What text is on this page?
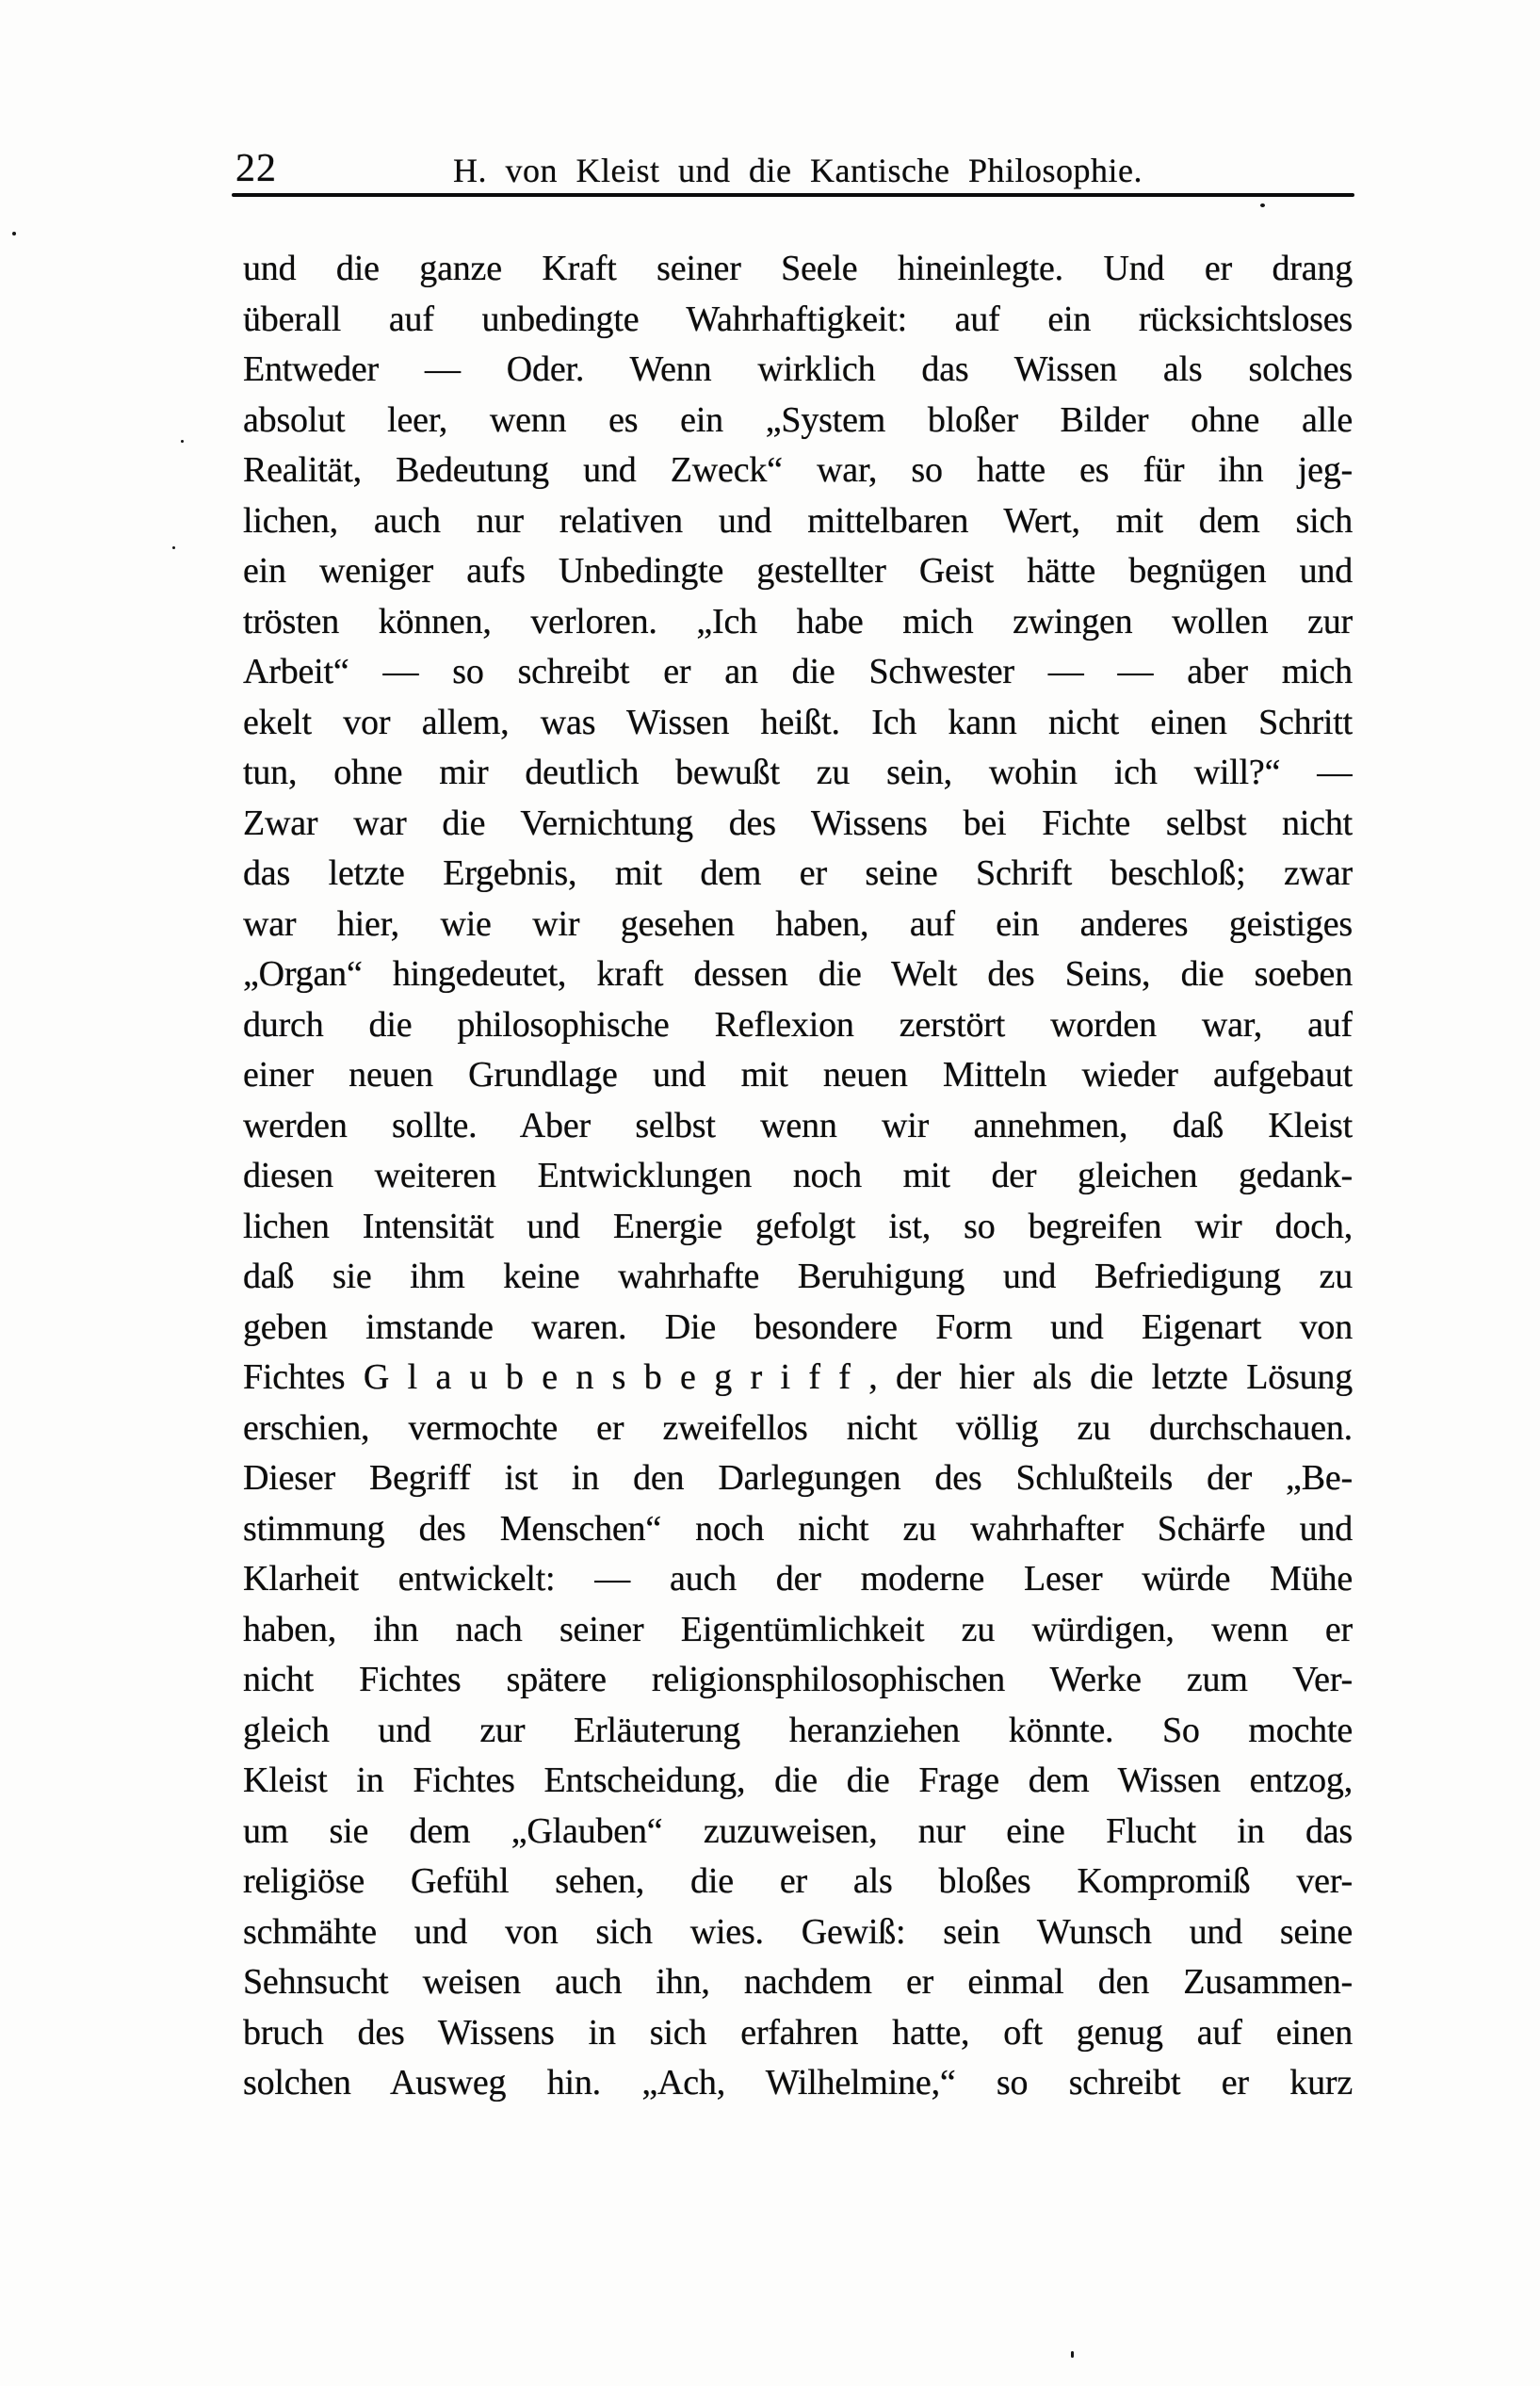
22	H. von Kleist und die Kantische Philosophie.
und die ganze Kraft seiner Seele hineinlegte. Und er drang
überall auf unbedingte Wahrhaftigkeit: auf ein rücksichtsloses
Entweder — Oder. Wenn wirklich das Wissen als solches
absolut leer, wenn es ein „System bloßer Bilder ohne alle
Realität, Bedeutung und Zweck“ war, so hatte es für ihn jeg-
lichen, auch nur relativen und mittelbaren Wert, mit dem sich
ein weniger aufs Unbedingte gestellter Geist hätte begnügen und
trösten können, verloren. „Ich habe mich zwingen wollen zur
Arbeit“ — so schreibt er an die Schwester — — aber mich
ekelt vor allem, was Wissen heißt. Ich kann nicht einen Schritt
tun, ohne mir deutlich bewußt zu sein, wohin ich will?“ —
Zwar war die Vernichtung des Wissens bei Fichte selbst nicht
das letzte Ergebnis, mit dem er seine Schrift beschloß; zwar
war hier, wie wir gesehen haben, auf ein anderes geistiges
„Organ“ hingedeutet, kraft dessen die Welt des Seins, die soeben
durch die philosophische Reflexion zerstört worden war, auf
einer neuen Grundlage und mit neuen Mitteln wieder aufgebaut
werden sollte. Aber selbst wenn wir annehmen, daß Kleist
diesen weiteren Entwicklungen noch mit der gleichen gedank-
lichen Intensität und Energie gefolgt ist, so begreifen wir doch,
daß sie ihm keine wahrhafte Beruhigung und Befriedigung zu
geben imstande waren. Die besondere Form und Eigenart von
Fichtes G l a u b e n s b e g r i f f , der hier als die letzte Lösung
erschien, vermochte er zweifellos nicht völlig zu durchschauen.
Dieser Begriff ist in den Darlegungen des Schlußteils der „Be-
stimmung des Menschen“ noch nicht zu wahrhafter Schärfe und
Klarheit entwickelt: — auch der moderne Leser würde Mühe
haben, ihn nach seiner Eigentümlichkeit zu würdigen, wenn er
nicht Fichtes spätere religionsphilosophischen Werke zum Ver-
gleich und zur Erläuterung heranziehen könnte. So mochte
Kleist in Fichtes Entscheidung, die die Frage dem Wissen entzog,
um sie dem „Glauben“ zuzuweisen, nur eine Flucht in das
religiöse Gefühl sehen, die er als bloßes Kompromiß ver-
schmähte und von sich wies. Gewiß: sein Wunsch und seine
Sehnsucht weisen auch ihn, nachdem er einmal den Zusammen-
bruch des Wissens in sich erfahren hatte, oft genug auf einen
solchen Ausweg hin. „Ach, Wilhelmine,“ so schreibt er kurz
